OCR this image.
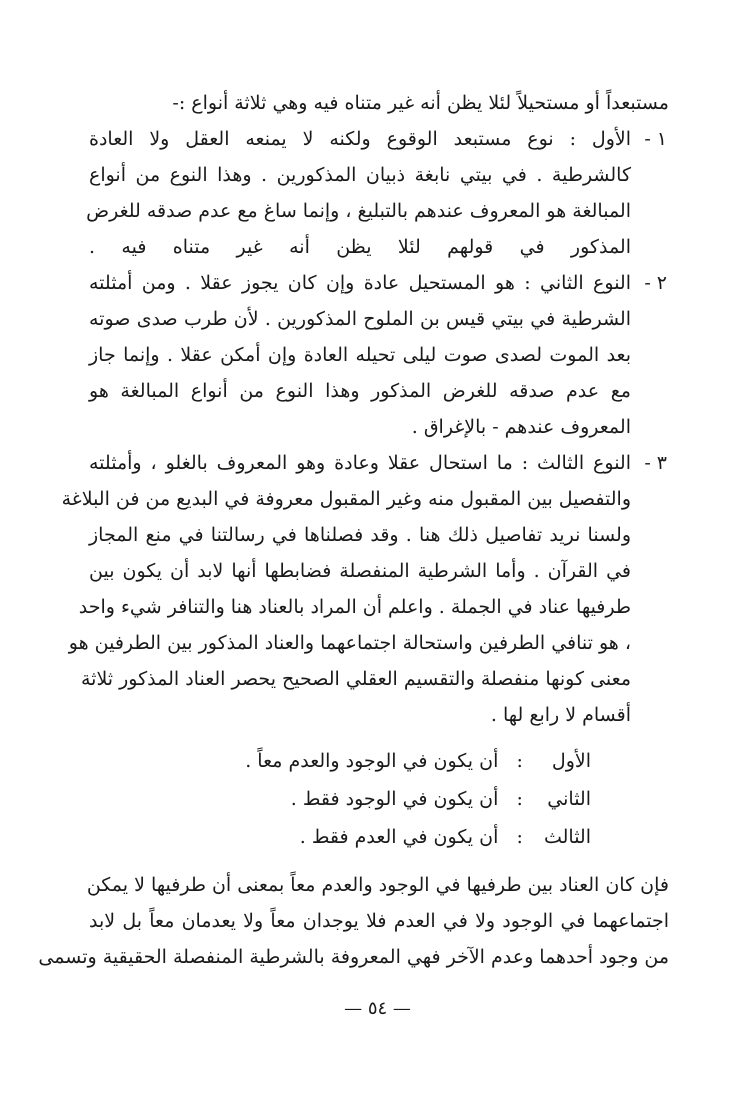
مستبعداً أو مستحيلاً لئلا يظن أنه غير متناه فيه وهي ثلاثة أنواع :-
١ -
الأول : نوع مستبعد الوقوع ولكنه لا يمنعه العقل ولا العادة
كالشرطية . في بيتي نابغة ذبيان المذكورين . وهذا النوع من أنواع
المبالغة هو المعروف عندهم بالتبليغ ، وإنما ساغ مع عدم صدقه للغرض
المذكور في قولهم لئلا يظن أنه غير متناه فيه .
٢ -
النوع الثاني : هو المستحيل عادة وإن كان يجوز عقلا . ومن أمثلته
الشرطية في بيتي قيس بن الملوح المذكورين . لأن طرب صدى صوته
بعد الموت لصدى صوت ليلى تحيله العادة وإن أمكن عقلا . وإنما جاز
مع عدم صدقه للغرض المذكور وهذا النوع من أنواع المبالغة هو
المعروف عندهم - بالإغراق .
٣ -
النوع الثالث : ما استحال عقلا وعادة وهو المعروف بالغلو ، وأمثلته
والتفصيل بين المقبول منه وغير المقبول معروفة في البديع من فن البلاغة
ولسنا نريد تفاصيل ذلك هنا . وقد فصلناها في رسالتنا في منع المجاز
في القرآن . وأما الشرطية المنفصلة فضابطها أنها لابد أن يكون بين
طرفيها عناد في الجملة . واعلم أن المراد بالعناد هنا والتنافر شيء واحد
، هو تنافي الطرفين واستحالة اجتماعهما والعناد المذكور بين الطرفين هو
معنى كونها منفصلة والتقسيم العقلي الصحيح يحصر العناد المذكور ثلاثة
أقسام لا رابع لها .
الأول  :   أن يكون في الوجود والعدم معاً .
الثاني  :   أن يكون في الوجود فقط .
الثالث  :   أن يكون في العدم فقط .
فإن كان العناد بين طرفيها في الوجود والعدم معاً بمعنى أن طرفيها لا يمكن
اجتماعهما في الوجود ولا في العدم فلا يوجدان معاً ولا يعدمان معاً بل لابد
من وجود أحدهما وعدم الآخر فهي المعروفة بالشرطية المنفصلة الحقيقية وتسمى
— ٥٤ —
